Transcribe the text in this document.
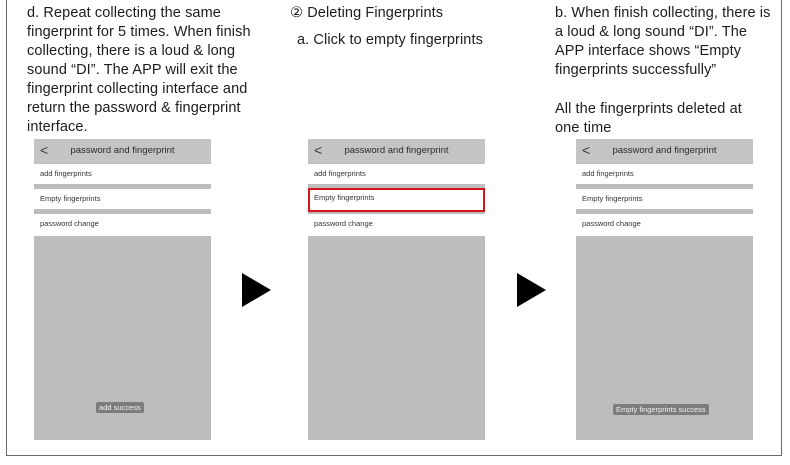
d. Repeat collecting the same
fingerprint for 5 times. When finish
collecting, there is a loud & long
sound “DI”. The APP will exit the
fingerprint collecting interface and
return the password & fingerprint
interface.
② Deleting Fingerprints
a. Click to empty fingerprints
b. When finish collecting, there is
a loud & long sound “DI”. The
APP interface shows “Empty
fingerprints successfully”
All the fingerprints deleted at
one time
<	password and fingerprint
add fingerprints
Empty fingerprints
password change
add success
<	password and fingerprint
add fingerprints
Empty fingerprints
password change
<	password and fingerprint
add fingerprints
Empty fingerprints
password change
Empty fingerprints success
